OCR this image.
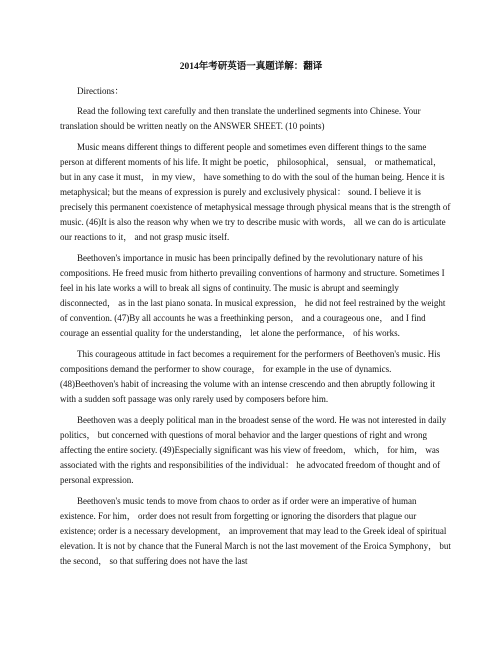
2014年考研英语一真题详解：翻译
Directions：

Read the following text carefully and then translate the underlined segments into Chinese. Your translation should be written neatly on the ANSWER SHEET. (10 points)

Music means different things to different people and sometimes even different things to the same person at different moments of his life. It might be poetic， philosophical， sensual， or mathematical， but in any case it must， in my view， have something to do with the soul of the human being. Hence it is metaphysical; but the means of expression is purely and exclusively physical： sound. I believe it is precisely this permanent coexistence of metaphysical message through physical means that is the strength of music. (46)It is also the reason why when we try to describe music with words， all we can do is articulate our reactions to it， and not grasp music itself.

Beethoven's importance in music has been principally defined by the revolutionary nature of his compositions. He freed music from hitherto prevailing conventions of harmony and structure. Sometimes I feel in his late works a will to break all signs of continuity. The music is abrupt and seemingly disconnected， as in the last piano sonata. In musical expression， he did not feel restrained by the weight of convention. (47)By all accounts he was a freethinking person， and a courageous one， and I find courage an essential quality for the understanding， let alone the performance， of his works.

This courageous attitude in fact becomes a requirement for the performers of Beethoven's music. His compositions demand the performer to show courage， for example in the use of dynamics. (48)Beethoven's habit of increasing the volume with an intense crescendo and then abruptly following it with a sudden soft passage was only rarely used by composers before him.

Beethoven was a deeply political man in the broadest sense of the word. He was not interested in daily politics， but concerned with questions of moral behavior and the larger questions of right and wrong affecting the entire society. (49)Especially significant was his view of freedom， which， for him， was associated with the rights and responsibilities of the individual： he advocated freedom of thought and of personal expression.

Beethoven's music tends to move from chaos to order as if order were an imperative of human existence. For him， order does not result from forgetting or ignoring the disorders that plague our existence; order is a necessary development， an improvement that may lead to the Greek ideal of spiritual elevation. It is not by chance that the Funeral March is not the last movement of the Eroica Symphony， but the second， so that suffering does not have the last
